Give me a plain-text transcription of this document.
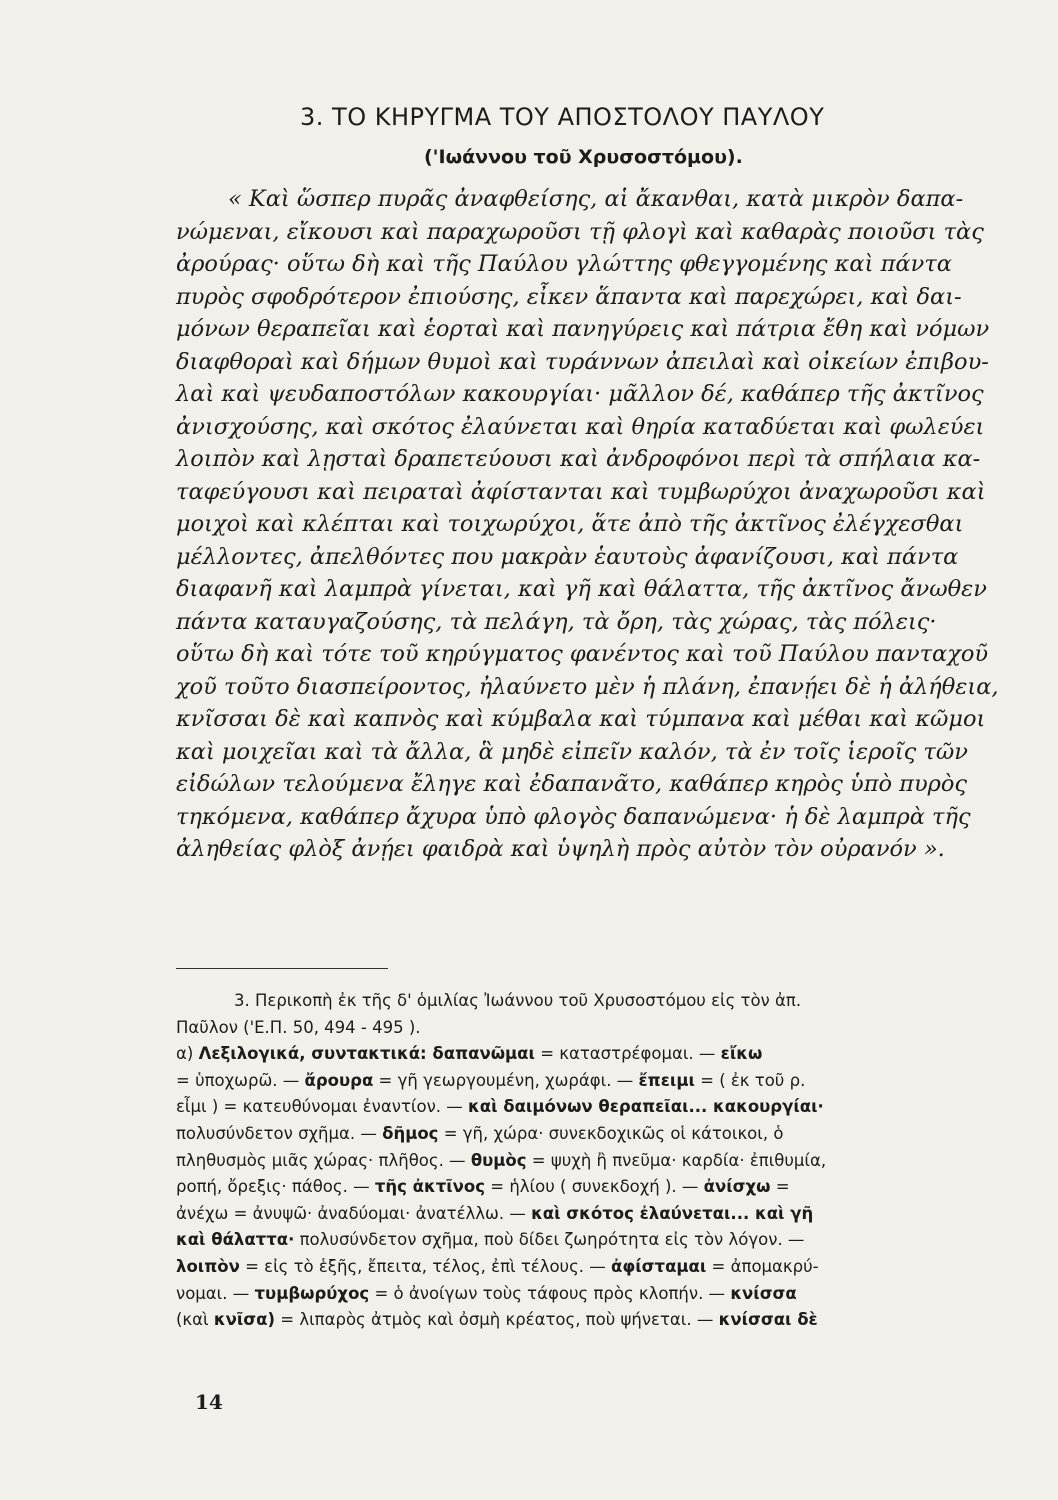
3. ΤΟ ΚΗΡΥΓΜΑ ΤΟΥ ΑΠΟΣΤΟΛΟΥ ΠΑΥΛΟΥ
('Ιωάννου τοῦ Χρυσοστόμου).
« Καὶ ὥσπερ πυρᾶς ἀναφθείσης, αἱ ἄκανθαι, κατὰ μικρὸν δαπα-
νώμεναι, εἴκουσι καὶ παραχωροῦσι τῇ φλογὶ καὶ καθαρὰς ποιοῦσι τὰς
ἀρούρας· οὕτω δὴ καὶ τῆς Παύλου γλώττης φθεγγομένης καὶ πάντα
πυρὸς σφοδρότερον ἐπιούσης, εἶκεν ἅπαντα καὶ παρεχώρει, καὶ δαι-
μόνων θεραπεῖαι καὶ ἑορταὶ καὶ πανηγύρεις καὶ πάτρια ἔθη καὶ νόμων
διαφθοραὶ καὶ δήμων θυμοὶ καὶ τυράννων ἀπειλαὶ καὶ οἰκείων ἐπιβου-
λαὶ καὶ ψευδαποστόλων κακουργίαι· μᾶλλον δέ, καθάπερ τῆς ἀκτῖνος
ἀνισχούσης, καὶ σκότος ἐλαύνεται καὶ θηρία καταδύεται καὶ φωλεύει
λοιπὸν καὶ λῃσταὶ δραπετεύουσι καὶ ἀνδροφόνοι περὶ τὰ σπήλαια κα-
ταφεύγουσι καὶ πειραταὶ ἀφίστανται καὶ τυμβωρύχοι ἀναχωροῦσι καὶ
μοιχοὶ καὶ κλέπται καὶ τοιχωρύχοι, ἅτε ἀπὸ τῆς ἀκτῖνος ἐλέγχεσθαι
μέλλοντες, ἀπελθόντες που μακρὰν ἑαυτοὺς ἀφανίζουσι, καὶ πάντα
διαφανῆ καὶ λαμπρὰ γίνεται, καὶ γῆ καὶ θάλαττα, τῆς ἀκτῖνος ἄνωθεν
πάντα καταυγαζούσης, τὰ πελάγη, τὰ ὄρη, τὰς χώρας, τὰς πόλεις·
οὕτω δὴ καὶ τότε τοῦ κηρύγματος φανέντος καὶ τοῦ Παύλου πανταχοῦ
χοῦ τοῦτο διασπείροντος, ἠλαύνετο μὲν ἡ πλάνη, ἐπανῄει δὲ ἡ ἀλήθεια,
κνῖσσαι δὲ καὶ καπνὸς καὶ κύμβαλα καὶ τύμπανα καὶ μέθαι καὶ κῶμοι
καὶ μοιχεῖαι καὶ τὰ ἄλλα, ἃ μηδὲ εἰπεῖν καλόν, τὰ ἐν τοῖς ἱεροῖς τῶν
εἰδώλων τελούμενα ἔληγε καὶ ἐδαπανᾶτο, καθάπερ κηρὸς ὑπὸ πυρὸς
τηκόμενα, καθάπερ ἄχυρα ὑπὸ φλογὸς δαπανώμενα· ἡ δὲ λαμπρὰ τῆς
ἀληθείας φλὸξ ἀνῄει φαιδρὰ καὶ ὑψηλὴ πρὸς αὐτὸν τὸν οὐρανόν ».
3. Περικοπὴ ἐκ τῆς δ' ὁμιλίας Ἰωάννου τοῦ Χρυσοστόμου εἰς τὸν ἀπ.
Παῦλον ('Ε.Π. 50, 494 - 495 ).
α) Λεξιλογικά, συντακτικά: δαπανῶμαι = καταστρέφομαι. — εἴκω
= ὑποχωρῶ. — ἄρουρα = γῆ γεωργουμένη, χωράφι. — ἔπειμι = ( ἐκ τοῦ ρ.
εἶμι ) = κατευθύνομαι ἐναντίον. — καὶ δαιμόνων θεραπεῖαι... κακουργίαι·
πολυσύνδετον σχῆμα. — δῆμος = γῆ, χώρα· συνεκδοχικῶς οἱ κάτοικοι, ὁ
πληθυσμὸς μιᾶς χώρας· πλῆθος. — θυμὸς = ψυχὴ ἢ πνεῦμα· καρδία· ἐπιθυμία,
ροπή, ὄρεξις· πάθος. — τῆς ἀκτῖνος = ἡλίου ( συνεκδοχή ). — ἀνίσχω =
ἀνέχω = ἀνυψῶ· ἀναδύομαι· ἀνατέλλω. — καὶ σκότος ἐλαύνεται... καὶ γῆ
καὶ θάλαττα· πολυσύνδετον σχῆμα, ποὺ δίδει ζωηρότητα εἰς τὸν λόγον. —
λοιπὸν = εἰς τὸ ἑξῆς, ἔπειτα, τέλος, ἐπὶ τέλους. — ἀφίσταμαι = ἀπομακρύ-
νομαι. — τυμβωρύχος = ὁ ἀνοίγων τοὺς τάφους πρὸς κλοπήν. — κνίσσα
(καὶ κνῖσα) = λιπαρὸς ἀτμὸς καὶ ὀσμὴ κρέατος, ποὺ ψήνεται. — κνίσσαι δὲ
14
